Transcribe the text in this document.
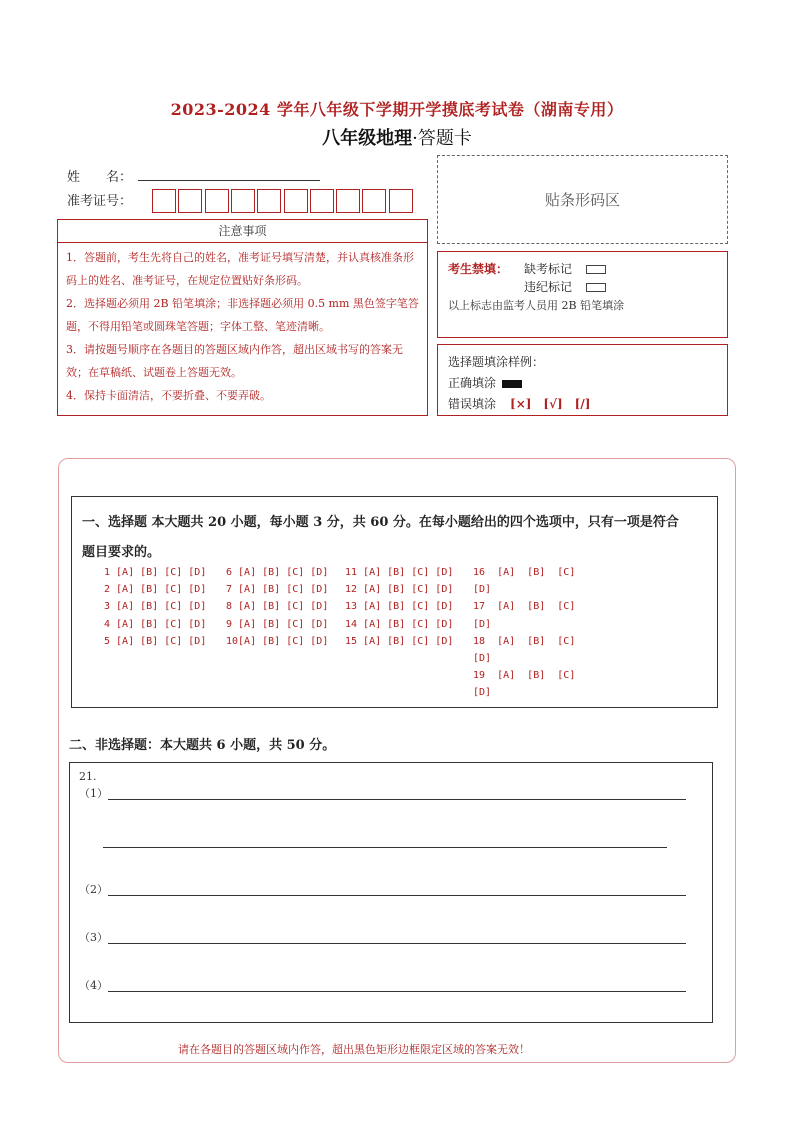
2023-2024 学年八年级下学期开学摸底考试卷（湖南专用）
八年级地理·答题卡
姓　　名：
准考证号：	贴条形码区
注意事项
1．答题前，考生先将自己的姓名，准考证号填写清楚，并认真核准条形码上的姓名、准考证号，在规定位置贴好条形码。
2．选择题必须用 2B 铅笔填涂；非选择题必须用 0.5 mm 黑色签字笔答题，不得用铅笔或圆珠笔答题；字体工整、笔迹清晰。
3．请按题号顺序在各题目的答题区域内作答，超出区域书写的答案无效；在草稿纸、试题卷上答题无效。
4．保持卡面清洁，不要折叠、不要弄破。
考生禁填： 缺考标记
违纪标记
以上标志由监考人员用 2B 铅笔填涂
选择题填涂样例：
正确填涂
错误填涂 [×]　[√]　[/]
一、选择题 本大题共 20 小题，每小题 3 分，共 60 分。在每小题给出的四个选项中，只有一项是符合
题目要求的。
1 [A] [B] [C] [D]
2 [A] [B] [C] [D]
3 [A] [B] [C] [D]
4 [A] [B] [C] [D]
5 [A] [B] [C] [D]
6 [A] [B] [C] [D]
7 [A] [B] [C] [D]
8 [A] [B] [C] [D]
9 [A] [B] [C] [D]
10[A] [B] [C] [D]
11 [A] [B] [C] [D]
12 [A] [B] [C] [D]
13 [A] [B] [C] [D]
14 [A] [B] [C] [D]
15 [A] [B] [C] [D]
16  [A]  [B]  [C]
[D]
17  [A]  [B]  [C]
[D]
18  [A]  [B]  [C]
[D]
19  [A]  [B]  [C]
[D]
二、非选择题：本大题共 6 小题，共 50 分。
21.
（1）
（2）
（3）
（4）
请在各题目的答题区域内作答，超出黑色矩形边框限定区域的答案无效！
